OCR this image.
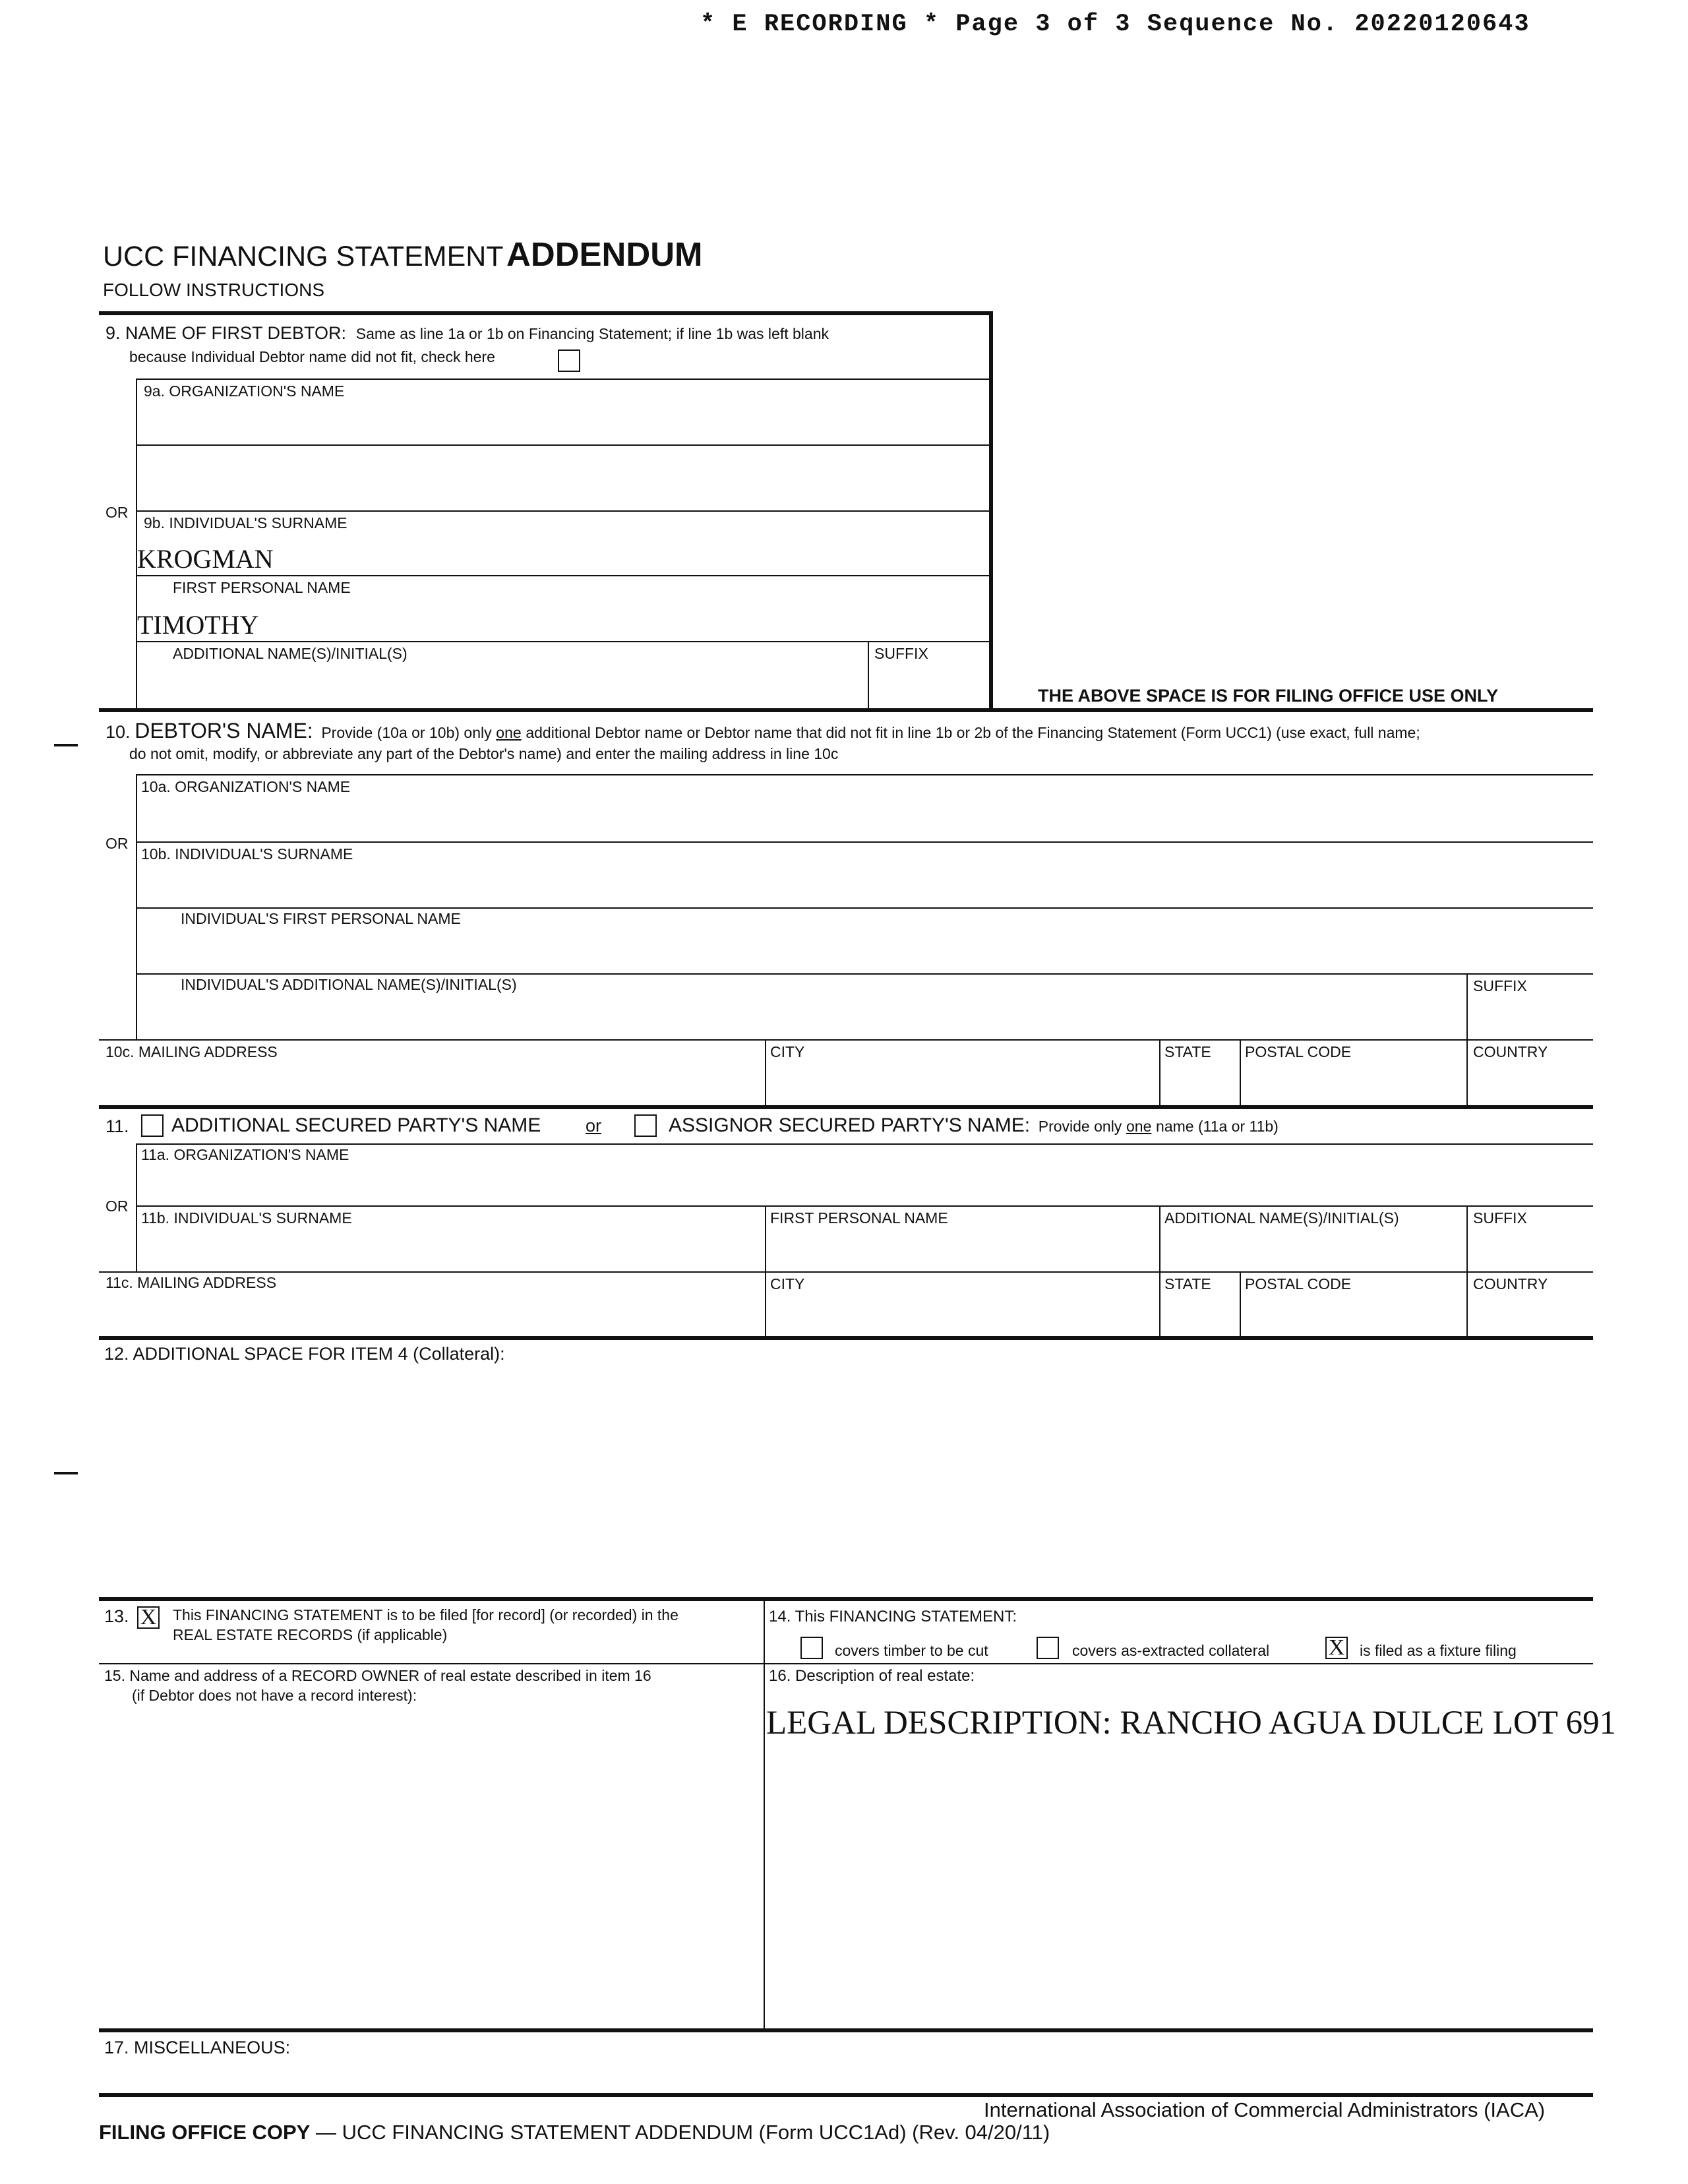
* E RECORDING * Page 3 of 3 Sequence No. 20220120643
UCC FINANCING STATEMENT ADDENDUM
FOLLOW INSTRUCTIONS
9. NAME OF FIRST DEBTOR: Same as line 1a or 1b on Financing Statement; if line 1b was left blank
because Individual Debtor name did not fit, check here
9a. ORGANIZATION'S NAME
OR
9b. INDIVIDUAL'S SURNAME
KROGMAN
FIRST PERSONAL NAME
TIMOTHY
ADDITIONAL NAME(S)/INITIAL(S)	SUFFIX
THE ABOVE SPACE IS FOR FILING OFFICE USE ONLY
10. DEBTOR'S NAME: Provide (10a or 10b) only one additional Debtor name or Debtor name that did not fit in line 1b or 2b of the Financing Statement (Form UCC1) (use exact, full name;
do not omit, modify, or abbreviate any part of the Debtor's name) and enter the mailing address in line 10c
10a. ORGANIZATION'S NAME
OR
10b. INDIVIDUAL'S SURNAME
INDIVIDUAL'S FIRST PERSONAL NAME
INDIVIDUAL'S ADDITIONAL NAME(S)/INITIAL(S)	SUFFIX
10c. MAILING ADDRESS	CITY	STATE POSTAL CODE	COUNTRY
11. ADDITIONAL SECURED PARTY'S NAME	or	ASSIGNOR SECURED PARTY'S NAME: Provide only one name (11a or 11b)
11a. ORGANIZATION'S NAME
OR
11b. INDIVIDUAL'S SURNAME	FIRST PERSONAL NAME	ADDITIONAL NAME(S)/INITIAL(S)	SUFFIX
11c. MAILING ADDRESS	CITY	STATE POSTAL CODE	COUNTRY
12. ADDITIONAL SPACE FOR ITEM 4 (Collateral):
13. X This FINANCING STATEMENT is to be filed [for record] (or recorded) in the
REAL ESTATE RECORDS (if applicable)
14. This FINANCING STATEMENT:
covers timber to be cut	covers as-extracted collateral	X is filed as a fixture filing
15. Name and address of a RECORD OWNER of real estate described in item 16
(if Debtor does not have a record interest):
16. Description of real estate:
LEGAL DESCRIPTION: RANCHO AGUA DULCE LOT 691
17. MISCELLANEOUS:
International Association of Commercial Administrators (IACA)
FILING OFFICE COPY — UCC FINANCING STATEMENT ADDENDUM (Form UCC1Ad) (Rev. 04/20/11)
